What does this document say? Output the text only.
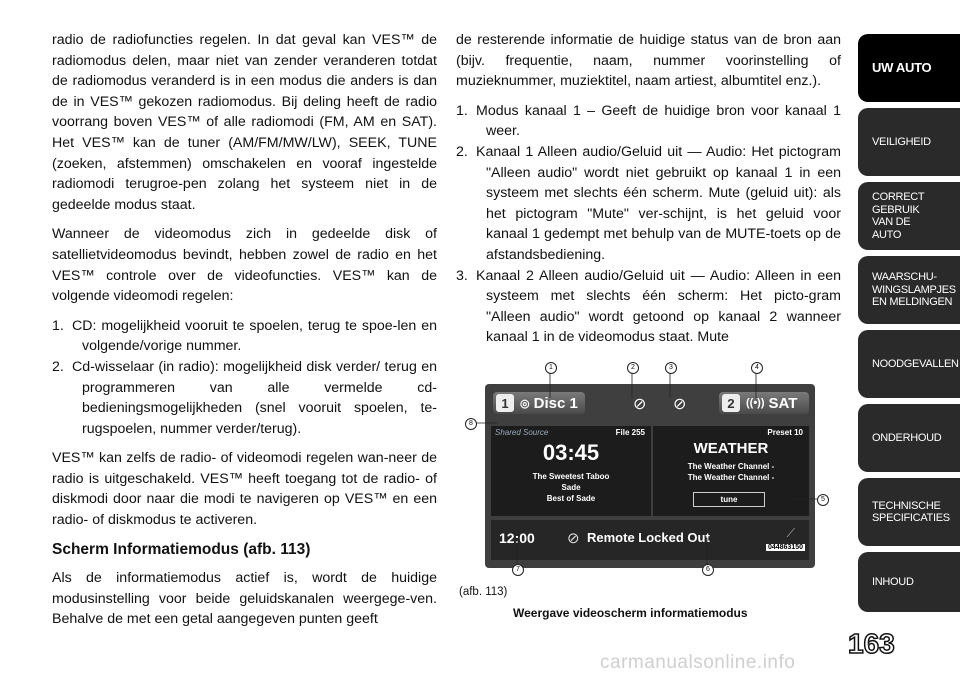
radio de radiofuncties regelen. In dat geval kan VES™ de radiomodus delen, maar niet van zender veranderen totdat de radiomodus veranderd is in een modus die anders is dan de in VES™ gekozen radiomodus. Bij deling heeft de radio voorrang boven VES™ of alle radiomodi (FM, AM en SAT). Het VES™ kan de tuner (AM/FM/MW/LW), SEEK, TUNE (zoeken, afstemmen) omschakelen en vooraf ingestelde radiomodi terugroe-pen zolang het systeem niet in de gedeelde modus staat.

Wanneer de videomodus zich in gedeelde disk of satellietvideomodus bevindt, hebben zowel de radio en het VES™ controle over de videofuncties. VES™ kan de volgende videomodi regelen:

1. CD: mogelijkheid vooruit te spoelen, terug te spoe-len en volgende/vorige nummer.
2. Cd-wisselaar (in radio): mogelijkheid disk verder/ terug en programmeren van alle vermelde cd-bedieningsmogelijkheden (snel vooruit spoelen, te-rugspoelen, nummer verder/terug).

VES™ kan zelfs de radio- of videomodi regelen wan-neer de radio is uitgeschakeld. VES™ heeft toegang tot de radio- of diskmodi door naar die modi te navigeren op VES™ en een radio- of diskmodus te activeren.

Scherm Informatiemodus (afb. 113)

Als de informatiemodus actief is, wordt de huidige modusinstelling voor beide geluidskanalen weergege-ven. Behalve de met een getal aangegeven punten geeft

de resterende informatie de huidige status van de bron aan (bijv. frequentie, naam, nummer voorinstelling of muzieknummer, muziektitel, naam artiest, albumtitel enz.).

1. Modus kanaal 1 – Geeft de huidige bron voor kanaal 1 weer.
2. Kanaal 1 Alleen audio/Geluid uit — Audio: Het pictogram "Alleen audio" wordt niet gebruikt op kanaal 1 in een systeem met slechts één scherm. Mute (geluid uit): als het pictogram "Mute" ver-schijnt, is het geluid voor kanaal 1 gedempt met behulp van de MUTE-toets op de afstandsbediening.
3. Kanaal 2 Alleen audio/Geluid uit — Audio: Alleen in een systeem met slechts één scherm: Het picto-gram "Alleen audio" wordt getoond op kanaal 2 wanneer kanaal 1 in de videomodus staat. Mute
1	◎ Disc 1	⊘ ⊘	2	((•)) SAT
Shared Source	File 255
03:45
The Sweetest Taboo
Sade
Best of Sade
Preset 10
WEATHER
The Weather Channel -
The Weather Channel -
tune
12:00 ⊘ Remote Locked Out	⟋
044863150
1	2	3	4
5
6
7
8
(afb. 113)
Weergave videoscherm informatiemodus
UW AUTO
VEILIGHEID
CORRECT GEBRUIK VAN DE AUTO
WAARSCHU-WINGSLAMPJES EN MELDINGEN
NOODGEVALLEN
ONDERHOUD
TECHNISCHE SPECIFICATIES
INHOUD
163
carmanualsonline.info
